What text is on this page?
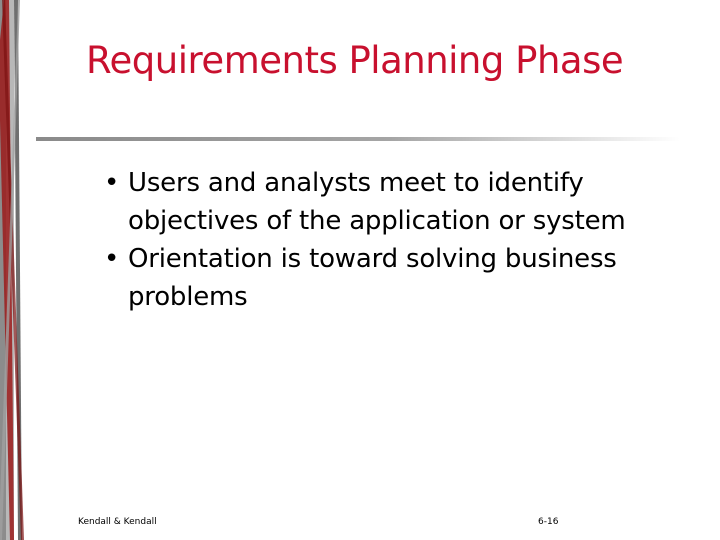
Requirements Planning Phase
• Users and analysts meet to identify objectives of the application or system
• Orientation is toward solving business problems
Kendall & Kendall	6-16
